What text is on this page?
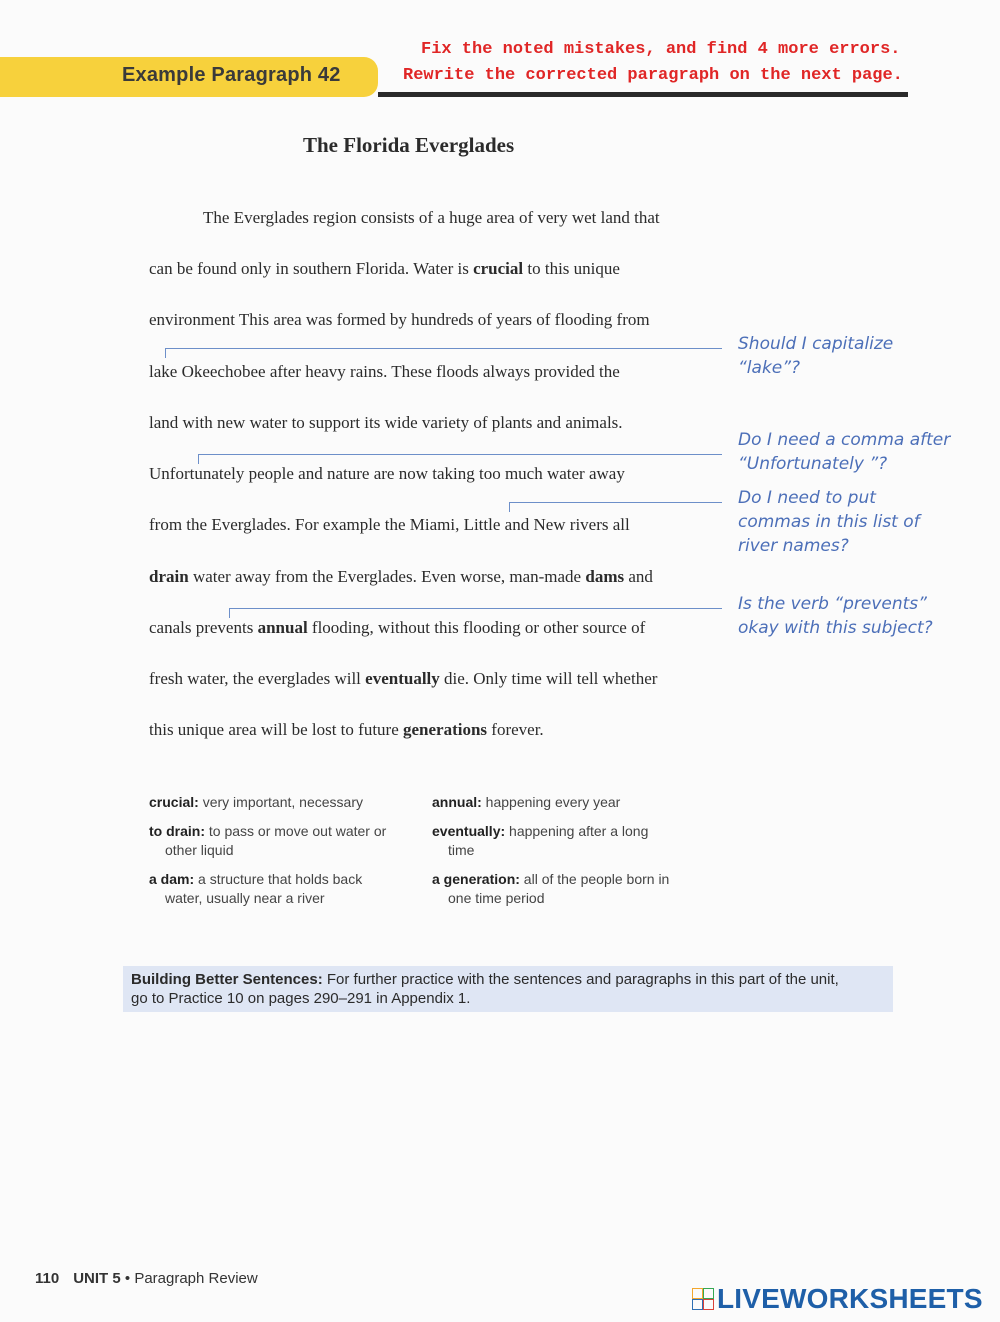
Example Paragraph 42
Fix the noted mistakes, and find 4 more errors.
Rewrite the corrected paragraph on the next page.
The Florida Everglades
The Everglades region consists of a huge area of very wet land that
can be found only in southern Florida. Water is crucial to this unique
environment This area was formed by hundreds of years of flooding from
lake Okeechobee after heavy rains. These floods always provided the
land with new water to support its wide variety of plants and animals.
Unfortunately people and nature are now taking too much water away
from the Everglades. For example the Miami, Little and New rivers all
drain water away from the Everglades. Even worse, man-made dams and
canals prevents annual flooding, without this flooding or other source of
fresh water, the everglades will eventually die. Only time will tell whether
this unique area will be lost to future generations forever.
Should I capitalize
“lake”?
Do I need a comma after
“Unfortunately ”?
Do I need to put
commas in this list of
river names?
Is the verb “prevents”
okay with this subject?
crucial: very important, necessary
to drain: to pass or move out water or
other liquid
a dam: a structure that holds back
water, usually near a river
annual: happening every year
eventually: happening after a long
time
a generation: all of the people born in
one time period
Building Better Sentences: For further practice with the sentences and paragraphs in this part of the unit,
go to Practice 10 on pages 290–291 in Appendix 1.
110 UNIT 5 • Paragraph Review
LIVEWORKSHEETS
